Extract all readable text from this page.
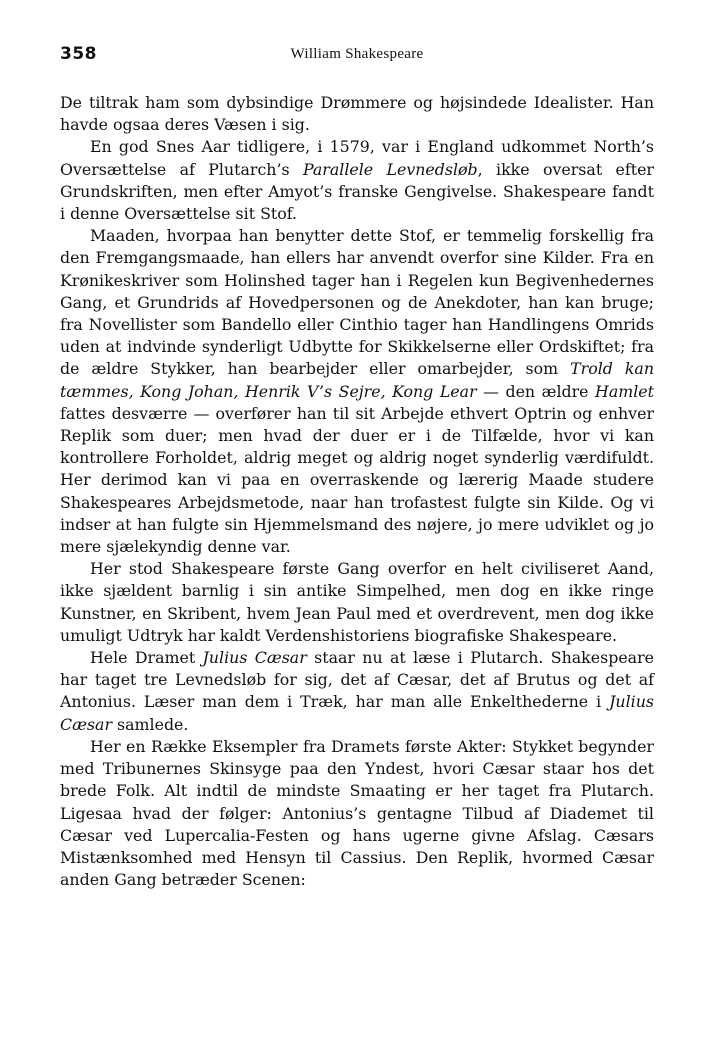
358	William Shakespeare

De tiltrak ham som dybsindige Drømmere og højsindede Idealister. Han havde ogsaa deres Væsen i sig.

En god Snes Aar tidligere, i 1579, var i England udkommet North’s Oversættelse af Plutarch’s Parallele Levnedsløb, ikke oversat efter Grundskriften, men efter Amyot’s franske Gengivelse. Shakespeare fandt i denne Oversættelse sit Stof.

Maaden, hvorpaa han benytter dette Stof, er temmelig forskellig fra den Fremgangsmaade, han ellers har anvendt overfor sine Kilder. Fra en Krønikeskriver som Holinshed tager han i Regelen kun Begivenhedernes Gang, et Grundrids af Hovedpersonen og de Anekdoter, han kan bruge; fra Novellister som Bandello eller Cinthio tager han Handlingens Omrids uden at indvinde synderligt Udbytte for Skikkelserne eller Ordskiftet; fra de ældre Stykker, han bearbejder eller omarbejder, som Trold kan tæmmes, Kong Johan, Henrik V’s Sejre, Kong Lear — den ældre Hamlet fattes desværre — overfører han til sit Arbejde ethvert Optrin og enhver Replik som duer; men hvad der duer er i de Tilfælde, hvor vi kan kontrollere Forholdet, aldrig meget og aldrig noget synderlig værdifuldt. Her derimod kan vi paa en overraskende og lærerig Maade studere Shakespeares Arbejdsmetode, naar han trofastest fulgte sin Kilde. Og vi indser at han fulgte sin Hjemmelsmand des nøjere, jo mere udviklet og jo mere sjælekyndig denne var.

Her stod Shakespeare første Gang overfor en helt civiliseret Aand, ikke sjældent barnlig i sin antike Simpelhed, men dog en ikke ringe Kunstner, en Skribent, hvem Jean Paul med et overdrevent, men dog ikke umuligt Udtryk har kaldt Verdenshistoriens biografiske Shakespeare.

Hele Dramet Julius Cæsar staar nu at læse i Plutarch. Shakespeare har taget tre Levnedsløb for sig, det af Cæsar, det af Brutus og det af Antonius. Læser man dem i Træk, har man alle Enkelthederne i Julius Cæsar samlede.

Her en Række Eksempler fra Dramets første Akter: Stykket begynder med Tribunernes Skinsyge paa den Yndest, hvori Cæsar staar hos det brede Folk. Alt indtil de mindste Smaating er her taget fra Plutarch. Ligesaa hvad der følger: Antonius’s gentagne Tilbud af Diademet til Cæsar ved Lupercalia-Festen og hans ugerne givne Afslag. Cæsars Mistænksomhed med Hensyn til Cassius. Den Replik, hvormed Cæsar anden Gang betræder Scenen:
